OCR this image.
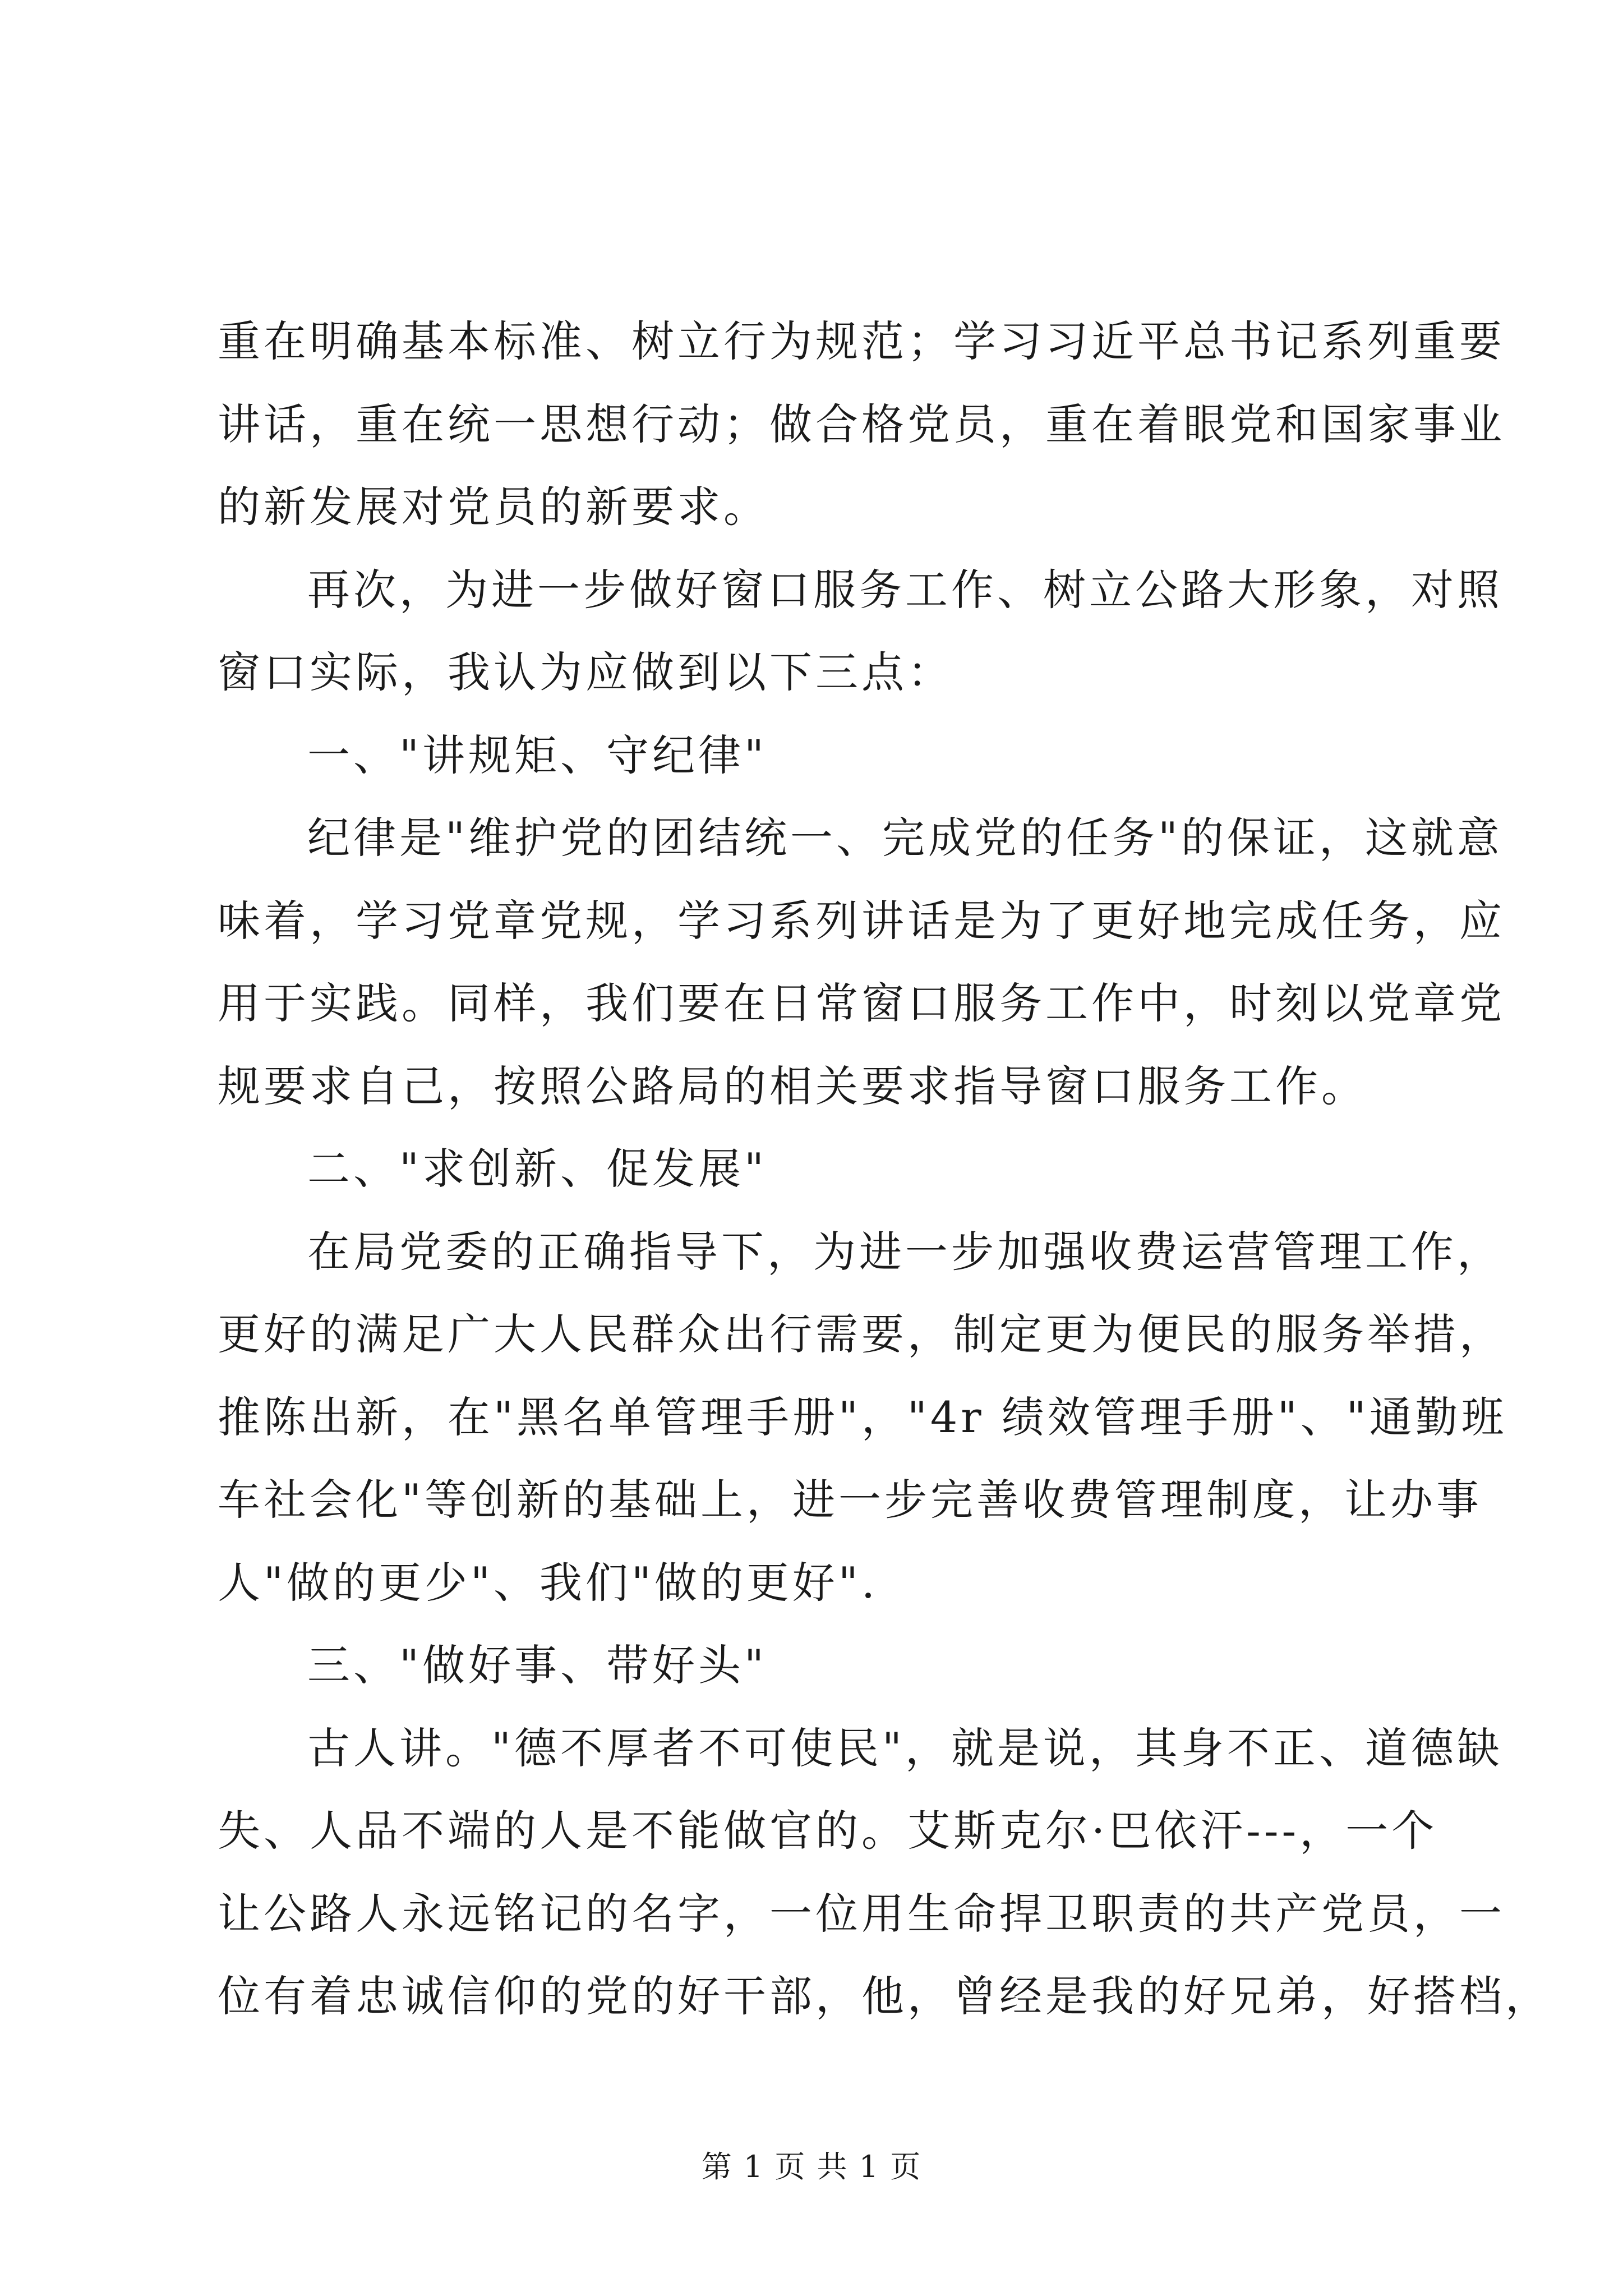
重在明确基本标准、树立行为规范；学习习近平总书记系列重要
讲话，重在统一思想行动；做合格党员，重在着眼党和国家事业
的新发展对党员的新要求。
再次，为进一步做好窗口服务工作、树立公路大形象，对照
窗口实际，我认为应做到以下三点：
一、"讲规矩、守纪律"
纪律是"维护党的团结统一、完成党的任务"的保证，这就意
味着，学习党章党规，学习系列讲话是为了更好地完成任务，应
用于实践。同样，我们要在日常窗口服务工作中，时刻以党章党
规要求自己，按照公路局的相关要求指导窗口服务工作。
二、"求创新、促发展"
在局党委的正确指导下，为进一步加强收费运营管理工作，
更好的满足广大人民群众出行需要，制定更为便民的服务举措，
推陈出新，在"黑名单管理手册"，"4r 绩效管理手册"、"通勤班
车社会化"等创新的基础上，进一步完善收费管理制度，让办事
人"做的更少"、我们"做的更好".
三、"做好事、带好头"
古人讲。"德不厚者不可使民"，就是说，其身不正、道德缺
失、人品不端的人是不能做官的。艾斯克尔·巴依汗---，一个
让公路人永远铭记的名字，一位用生命捍卫职责的共产党员，一
位有着忠诚信仰的党的好干部，他，曾经是我的好兄弟，好搭档，
第 1 页 共 1 页
